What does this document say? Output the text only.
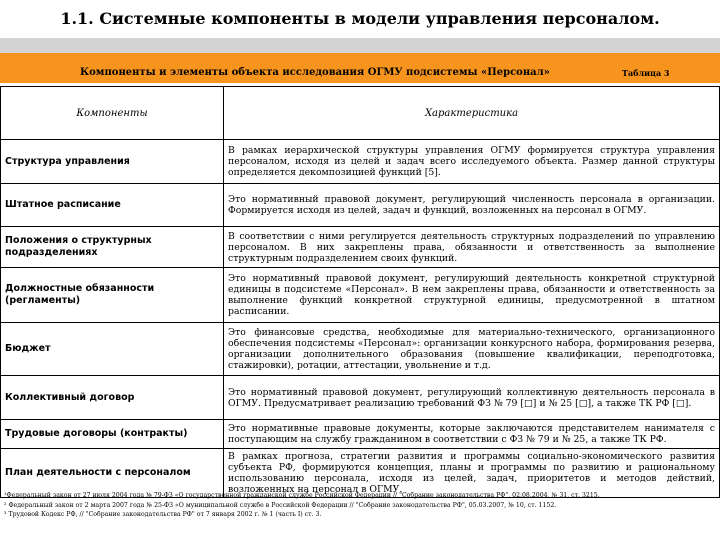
1.1. Системные компоненты в модели управления персоналом.
Компоненты и элементы объекта исследования ОГМУ подсистемы «Персонал»	Таблица 3
Компоненты	Характеристика
Структура управления	В рамках иерархической структуры управления ОГМУ формируется структура управления персоналом, исходя из целей и задач всего исследуемого объекта. Размер данной структуры определяется декомпозицией функций [5].
Штатное расписание	Это нормативный правовой документ, регулирующий численность персонала в организации. Формируется исходя из целей, задач и функций, возложенных на персонал в ОГМУ.
Положения о структурных подразделениях	В соответствии с ними регулируется деятельность структурных подразделений по управлению персоналом. В них закреплены права, обязанности и ответственность за выполнение структурным подразделением своих функций.
Должностные обязанности (регламенты)	Это нормативный правовой документ, регулирующий деятельность конкретной структурной единицы в подсистеме «Персонал». В нем закреплены права, обязанности и ответственность за выполнение функций конкретной структурной единицы, предусмотренной в штатном расписании.
Бюджет	Это финансовые средства, необходимые для материально-технического, организационного обеспечения подсистемы «Персонал»: организации конкурсного набора, формирования резерва, организации дополнительного образования (повышение квалификации, переподготовка, стажировки), ротации, аттестации, увольнение и т.д.
Коллективный договор	Это нормативный правовой документ, регулирующий коллективную деятельность персонала в ОГМУ. Предусматривает реализацию требований ФЗ № 79 [□] и № 25 [□], а также ТК РФ [□].
Трудовые договоры (контракты)	Это нормативные правовые документы, которые заключаются представителем нанимателя с поступающим на службу гражданином в соответствии с ФЗ № 79 и № 25, а также ТК РФ.
План деятельности с персоналом	В рамках прогноза, стратегии развития и программы социально-экономического развития субъекта РФ, формируются концепция, планы и программы по развитию и рациональному использованию персонала, исходя из целей, задач, приоритетов и методов действий, возложенных на персонал в ОГМУ.
¹Федеральный закон от 27 июля 2004 года № 79-ФЗ «О государственной гражданской службе Российской Федерации // "Собрание законодательства РФ", 02.08.2004, № 31, ст. 3215.
² Федеральный закон от 2 марта 2007 года № 25-ФЗ «О муниципальной службе в Российской Федерации // "Собрание законодательства РФ", 05.03.2007, № 10, ст. 1152.
³ Трудовой Кодекс РФ, // "Собрание законодательства РФ" от 7 января 2002 г. № 1 (часть I) ст. 3.
